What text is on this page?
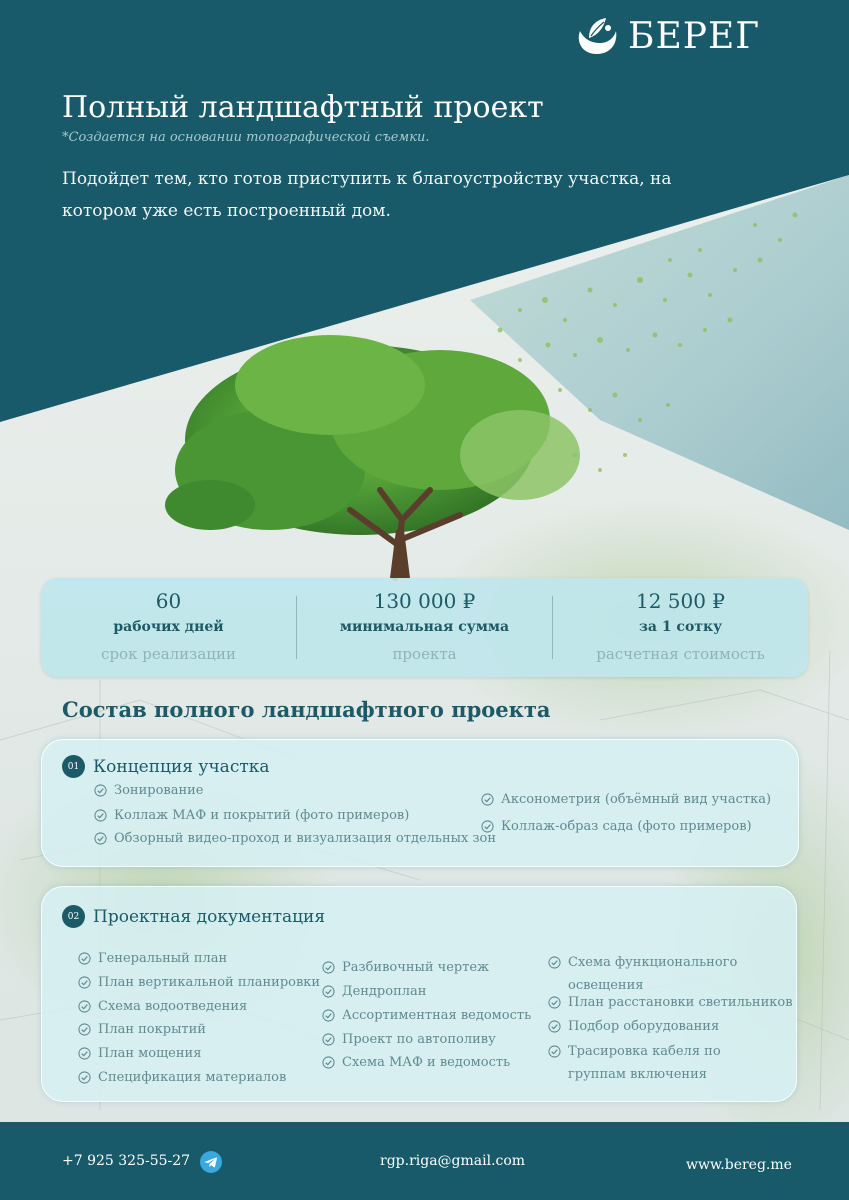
БЕРЕГ
Полный ландшафтный проект
*Создается на основании топографической съемки.

Подойдет тем, кто готов приступить к благоустройству участка, на котором уже есть построенный дом.

60
рабочих дней
срок реализации
130 000 ₽
минимальная сумма
проекта
12 500 ₽
за 1 сотку
расчетная стоимость
Состав полного ландшафтного проекта
01 Концепция участка
Зонирование
Коллаж МАФ и покрытий (фото примеров)
Обзорный видео-проход и визуализация отдельных зон
Аксонометрия (объёмный вид участка)
Коллаж-образ сада (фото примеров)
02 Проектная документация
Генеральный план
План вертикальной планировки
Схема водоотведения
План покрытий
План мощения
Спецификация материалов
Разбивочный чертеж
Дендроплан
Ассортиментная ведомость
Проект по автополиву
Схема МАФ и ведомость
Схема функционального освещения
План расстановки светильников
Подбор оборудования
Трасировка кабеля по группам включения
+7 925 325-55-27	rgp.riga@gmail.com	www.bereg.me
